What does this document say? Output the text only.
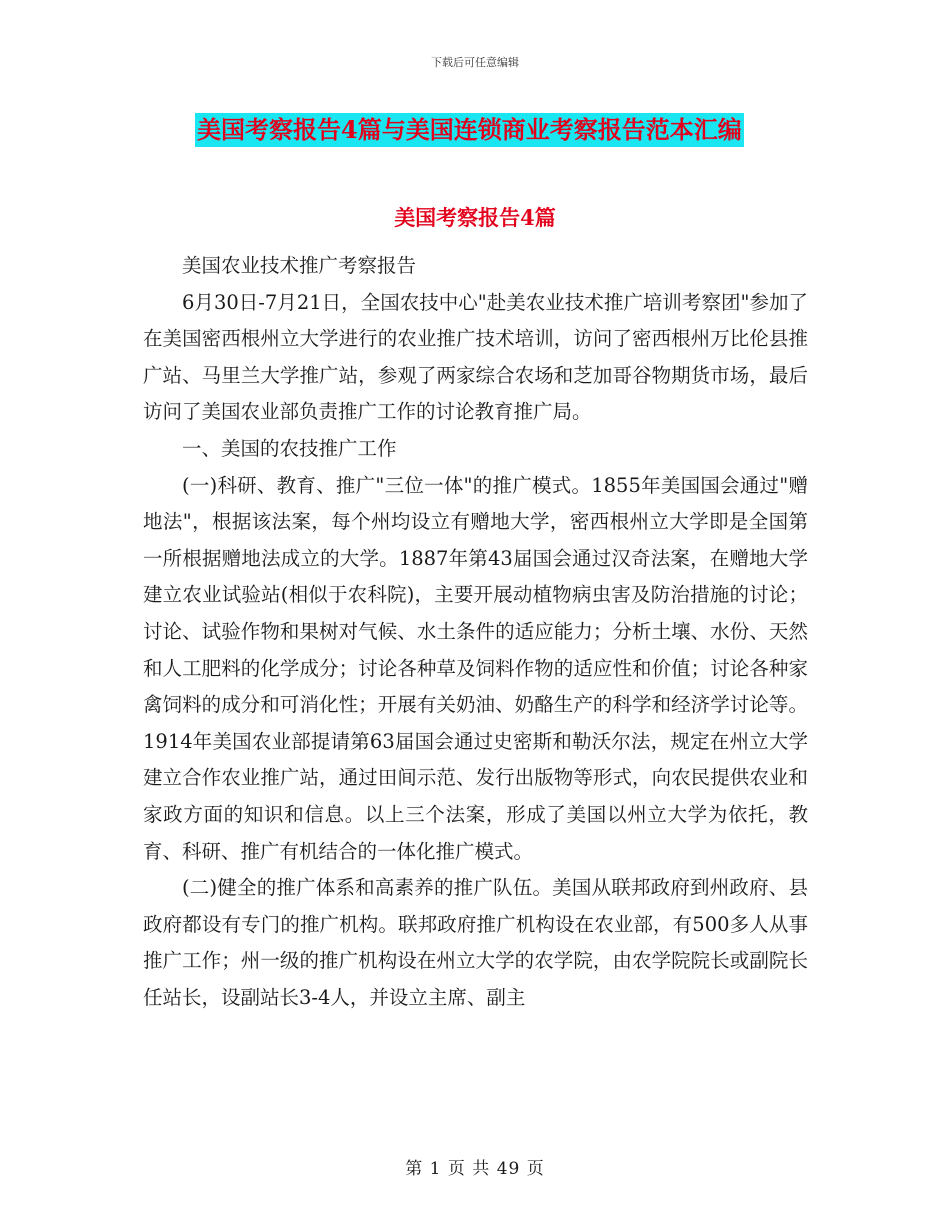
下载后可任意编辑
美国考察报告4篇与美国连锁商业考察报告范本汇编
美国考察报告4篇

美国农业技术推广考察报告

6月30日-7月21日，全国农技中心"赴美农业技术推广培训考察团"参加了在美国密西根州立大学进行的农业推广技术培训，访问了密西根州万比伦县推广站、马里兰大学推广站，参观了两家综合农场和芝加哥谷物期货市场，最后访问了美国农业部负责推广工作的讨论教育推广局。

一、美国的农技推广工作

(一)科研、教育、推广"三位一体"的推广模式。1855年美国国会通过"赠地法"，根据该法案，每个州均设立有赠地大学，密西根州立大学即是全国第一所根据赠地法成立的大学。1887年第43届国会通过汉奇法案，在赠地大学建立农业试验站(相似于农科院)，主要开展动植物病虫害及防治措施的讨论；讨论、试验作物和果树对气候、水土条件的适应能力；分析土壤、水份、天然和人工肥料的化学成分；讨论各种草及饲料作物的适应性和价值；讨论各种家禽饲料的成分和可消化性；开展有关奶油、奶酪生产的科学和经济学讨论等。1914年美国农业部提请第63届国会通过史密斯和勒沃尔法，规定在州立大学建立合作农业推广站，通过田间示范、发行出版物等形式，向农民提供农业和家政方面的知识和信息。以上三个法案，形成了美国以州立大学为依托，教育、科研、推广有机结合的一体化推广模式。

(二)健全的推广体系和高素养的推广队伍。美国从联邦政府到州政府、县政府都设有专门的推广机构。联邦政府推广机构设在农业部，有500多人从事推广工作；州一级的推广机构设在州立大学的农学院，由农学院院长或副院长任站长，设副站长3-4人，并设立主席、副主

第 1 页 共 49 页
